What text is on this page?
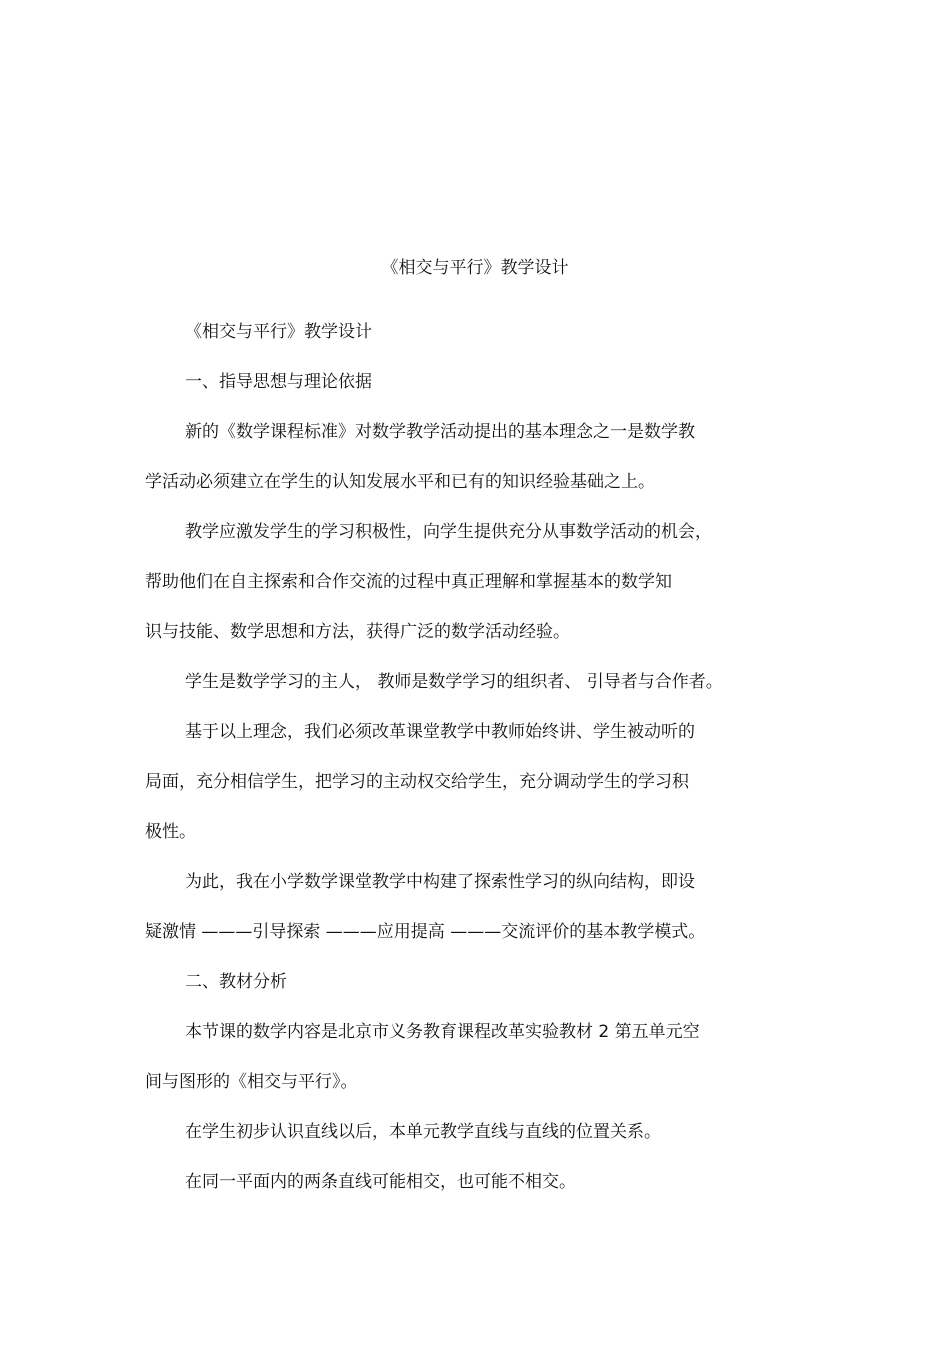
《相交与平行》教学设计
《相交与平行》教学设计
一、指导思想与理论依据
新的《数学课程标准》对数学教学活动提出的基本理念之一是数学教
学活动必须建立在学生的认知发展水平和已有的知识经验基础之上。
教学应激发学生的学习积极性，向学生提供充分从事数学活动的机会，
帮助他们在自主探索和合作交流的过程中真正理解和掌握基本的数学知
识与技能、数学思想和方法，获得广泛的数学活动经验。
学生是数学学习的主人， 教师是数学学习的组织者、 引导者与合作者。
基于以上理念，我们必须改革课堂教学中教师始终讲、学生被动听的
局面，充分相信学生，把学习的主动权交给学生，充分调动学生的学习积
极性。
为此，我在小学数学课堂教学中构建了探索性学习的纵向结构，即设
疑激情 ———引导探索 ———应用提高 ———交流评价的基本教学模式。
二、教材分析
本节课的数学内容是北京市义务教育课程改革实验教材 2 第五单元空
间与图形的《相交与平行》。
在学生初步认识直线以后，本单元教学直线与直线的位置关系。
在同一平面内的两条直线可能相交，也可能不相交。
